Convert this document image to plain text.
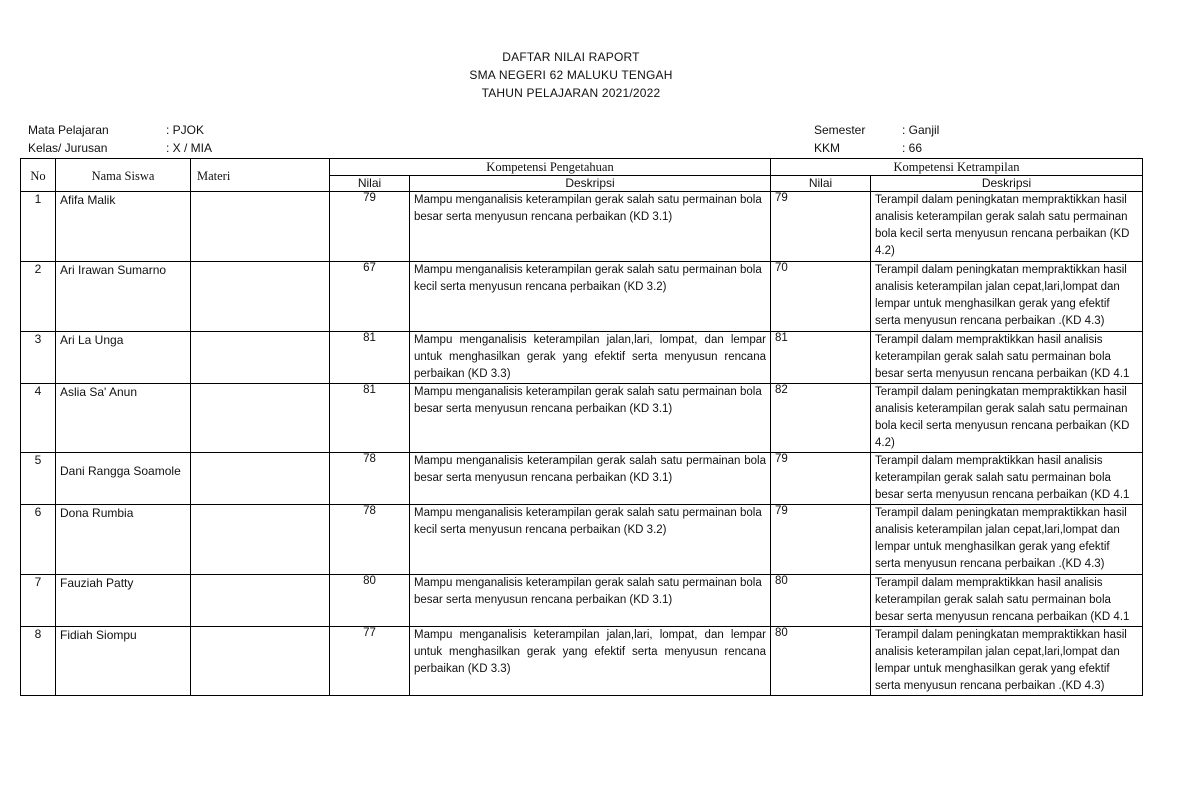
DAFTAR NILAI RAPORT
SMA NEGERI 62 MALUKU TENGAH
TAHUN PELAJARAN 2021/2022
Mata Pelajaran	: PJOK
Kelas/ Jurusan	: X / MIA
Semester	: Ganjil
KKM	: 66
No	Nama Siswa	Materi	Kompetensi Pengetahuan		Kompetensi Ketrampilan	
			Nilai	Deskripsi	Nilai	Deskripsi
1	Afifa Malik		79	Mampu menganalisis keterampilan gerak salah satu permainan bola besar serta menyusun rencana perbaikan (KD 3.1)	79	Terampil dalam peningkatan mempraktikkan hasil analisis keterampilan gerak salah satu permainan bola kecil serta menyusun rencana perbaikan (KD 4.2)
2	Ari Irawan Sumarno		67	Mampu menganalisis keterampilan gerak salah satu permainan bola kecil serta menyusun rencana perbaikan (KD 3.2)	70	Terampil dalam peningkatan mempraktikkan hasil analisis keterampilan jalan cepat,lari,lompat dan lempar untuk menghasilkan gerak yang efektif serta menyusun rencana perbaikan .(KD 4.3)
3	Ari La Unga		81	Mampu menganalisis keterampilan jalan,lari, lompat, dan lempar untuk menghasilkan gerak yang efektif serta menyusun rencana perbaikan (KD 3.3)	81	Terampil dalam mempraktikkan hasil analisis keterampilan gerak salah satu permainan bola besar serta menyusun rencana perbaikan (KD 4.1
4	Aslia Sa' Anun		81	Mampu menganalisis keterampilan gerak salah satu permainan bola besar serta menyusun rencana perbaikan (KD 3.1)	82	Terampil dalam peningkatan mempraktikkan hasil analisis keterampilan gerak salah satu permainan bola kecil serta menyusun rencana perbaikan (KD 4.2)
5	Dani Rangga Soamole		78	Mampu menganalisis keterampilan gerak salah satu permainan bola besar serta menyusun rencana perbaikan (KD 3.1)	79	Terampil dalam mempraktikkan hasil analisis keterampilan gerak salah satu permainan bola besar serta menyusun rencana perbaikan (KD 4.1
6	Dona Rumbia		78	Mampu menganalisis keterampilan gerak salah satu permainan bola kecil serta menyusun rencana perbaikan (KD 3.2)	79	Terampil dalam peningkatan mempraktikkan hasil analisis keterampilan jalan cepat,lari,lompat dan lempar untuk menghasilkan gerak yang efektif serta menyusun rencana perbaikan .(KD 4.3)
7	Fauziah Patty		80	Mampu menganalisis keterampilan gerak salah satu permainan bola besar serta menyusun rencana perbaikan (KD 3.1)	80	Terampil dalam mempraktikkan hasil analisis keterampilan gerak salah satu permainan bola besar serta menyusun rencana perbaikan (KD 4.1
8	Fidiah Siompu		77	Mampu menganalisis keterampilan jalan,lari, lompat, dan lempar untuk menghasilkan gerak yang efektif serta menyusun rencana perbaikan (KD 3.3)	80	Terampil dalam peningkatan mempraktikkan hasil analisis keterampilan jalan cepat,lari,lompat dan lempar untuk menghasilkan gerak yang efektif serta menyusun rencana perbaikan .(KD 4.3)
